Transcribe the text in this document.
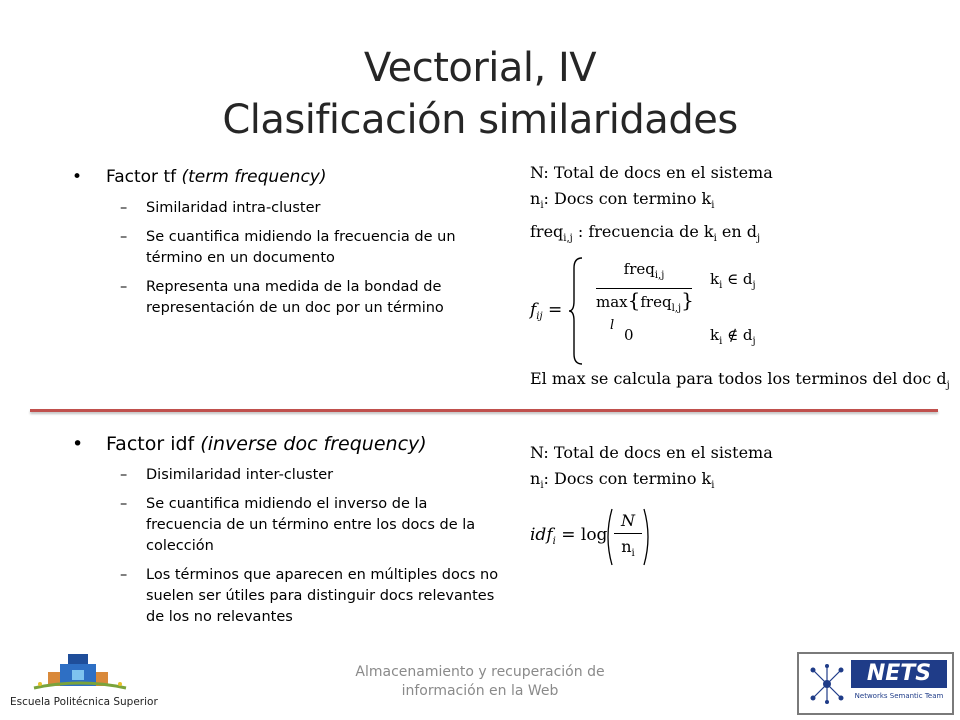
Vectorial, IV
Clasificación similaridades
• Factor tf (term frequency)
– Similaridad intra-cluster
– Se cuantifica midiendo la frecuencia de un término en un documento
– Representa una medida de la bondad de representación de un doc por un término
N: Total de docs en el sistema
$n_i$: Docs con termino $k_i$
freq$_{i,j}$ : frecuencia de $k_i$ en $d_j$
$f_{ij}$ =
freq$_{i,j}$
max{freq$_{l,j}$}
l
$k_i$ ∈ $d_j$
0	$k_i$ ∉ $d_j$
El max se calcula para todos los terminos del doc $d_j$
• Factor idf (inverse doc frequency)
– Disimilaridad inter-cluster
– Se cuantifica midiendo el inverso de la frecuencia de un término entre los docs de la colección
– Los términos que aparecen en múltiples docs no suelen ser útiles para distinguir docs relevantes de los no relevantes
N: Total de docs en el sistema
$n_i$: Docs con termino $k_i$
idf$_i$ = log
N
$n_i$
Almacenamiento y recuperación de información en la Web
Escuela Politécnica Superior
NETS
Networks Semantic Team
